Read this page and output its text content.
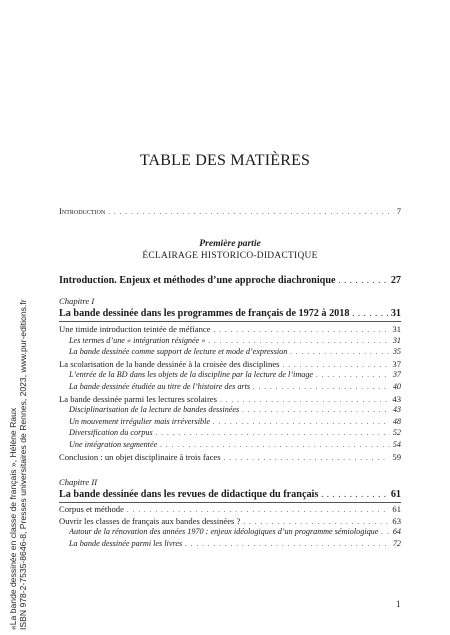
TABLE DES MATIÈRES
Introduction . . .	7
Première partie
ÉCLAIRAGE HISTORICO-DIDACTIQUE
Introduction. Enjeux et méthodes d’une approche diachronique . . .	27
Chapitre I
La bande dessinée dans les programmes de français de 1972 à 2018 . . .	31
Une timide introduction teintée de méfiance . . .	31
Les termes d’une « intégration résignée » . . .	31
La bande dessinée comme support de lecture et mode d’expression . . .	35
La scolarisation de la bande dessinée à la croisée des disciplines . . .	37
L’entrée de la BD dans les objets de la discipline par la lecture de l’image . . .	37
La bande dessinée étudiée au titre de l’histoire des arts . . .	40
La bande dessinée parmi les lectures scolaires . . .	43
Disciplinarisation de la lecture de bandes dessinées . . .	43
Un mouvement irrégulier mais irréversible . . .	48
Diversification du corpus . . .	52
Une intégration segmentée . . .	54
Conclusion : un objet disciplinaire à trois faces . . .	59
Chapitre II
La bande dessinée dans les revues de didactique du français . . .	61
Corpus et méthode . . .	61
Ouvrir les classes de français aux bandes dessinées ? . . .	63
Autour de la rénovation des années 1970 : enjeux idéologiques d’un programme sémiologique . . . 64
La bande dessinée parmi les livres . . .	72
«La bande dessinée en classe de français », Hélène Raux ISBN 978-2-7535-8646-8, Presses universitaires de Rennes, 2023, www.pur-editions.fr	1
